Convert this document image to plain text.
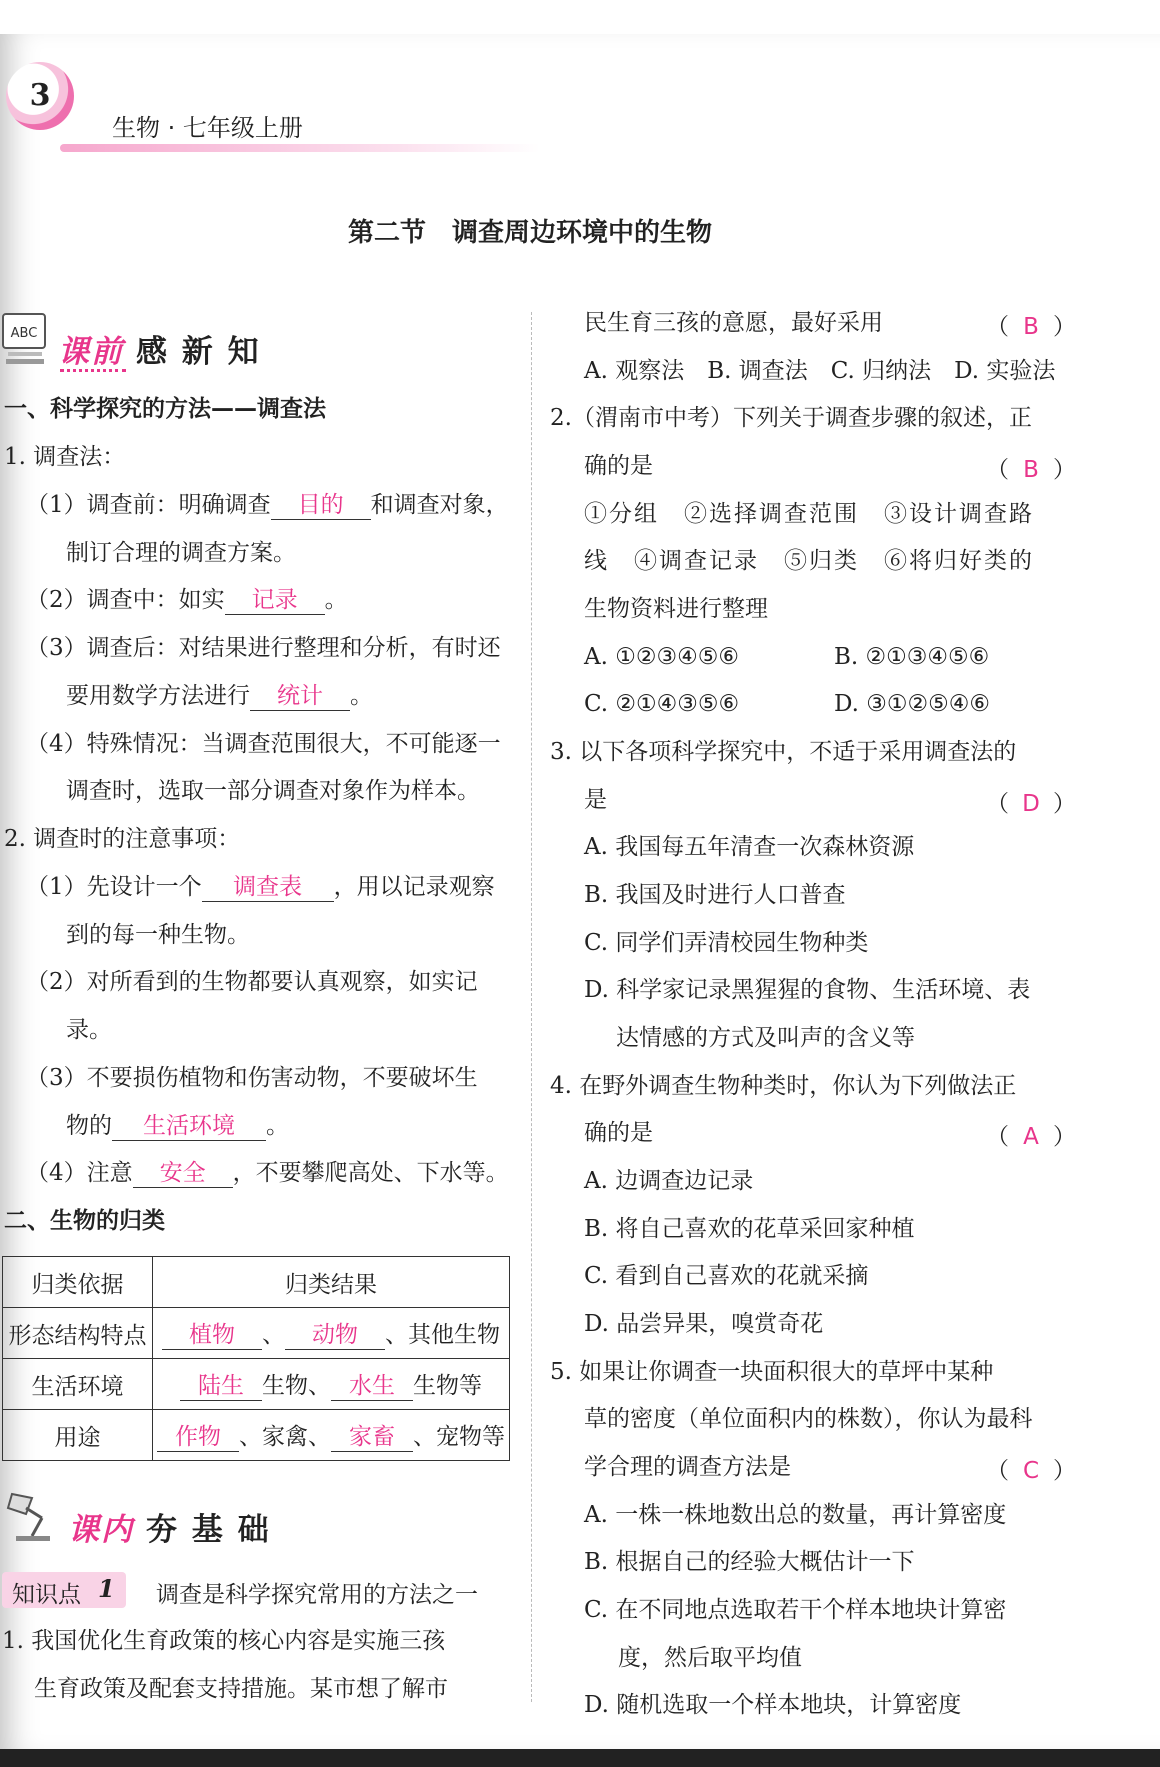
3
生物 · 七年级上册
第二节　调查周边环境中的生物
ABC
课前 感 新 知
一、科学探究的方法——调查法
1. 调查法：
（1）调查前：明确调查 目的 和调查对象，
制订合理的调查方案。
（2）调查中：如实 记录 。
（3）调查后：对结果进行整理和分析，有时还
要用数学方法进行 统计 。
（4）特殊情况：当调查范围很大，不可能逐一
调查时，选取一部分调查对象作为样本。
2. 调查时的注意事项：
（1）先设计一个 调查表 ，用以记录观察
到的每一种生物。
（2）对所看到的生物都要认真观察，如实记
录。
（3）不要损伤植物和伤害动物，不要破坏生
物的 生活环境 。
（4）注意 安全 ，不要攀爬高处、下水等。
二、生物的归类
归类依据	归类结果
形态结构特点	植物 、 动物 、其他生物
生活环境	陆生 生物、 水生 生物等
用途	作物 、家禽、 家畜 、宠物等
课内 夯 基 础
知识点 1 调查是科学探究常用的方法之一
1. 我国优化生育政策的核心内容是实施三孩
生育政策及配套支持措施。某市想了解市
民生育三孩的意愿，最好采用	（ B ）
A. 观察法　B. 调查法　C. 归纳法　D. 实验法
2.（渭南市中考）下列关于调查步骤的叙述，正
确的是	（ B ）
①分组　②选择调查范围　③设计调查路
线　④调查记录　⑤归类　⑥将归好类的
生物资料进行整理
A. ①②③④⑤⑥	B. ②①③④⑤⑥
C. ②①④③⑤⑥	D. ③①②⑤④⑥
3. 以下各项科学探究中，不适于采用调查法的
是	（ D ）
A. 我国每五年清查一次森林资源
B. 我国及时进行人口普查
C. 同学们弄清校园生物种类
D. 科学家记录黑猩猩的食物、生活环境、表
达情感的方式及叫声的含义等
4. 在野外调查生物种类时，你认为下列做法正
确的是	（ A ）
A. 边调查边记录
B. 将自己喜欢的花草采回家种植
C. 看到自己喜欢的花就采摘
D. 品尝异果，嗅赏奇花
5. 如果让你调查一块面积很大的草坪中某种
草的密度（单位面积内的株数），你认为最科
学合理的调查方法是	（ C ）
A. 一株一株地数出总的数量，再计算密度
B. 根据自己的经验大概估计一下
C. 在不同地点选取若干个样本地块计算密
度，然后取平均值
D. 随机选取一个样本地块，计算密度
